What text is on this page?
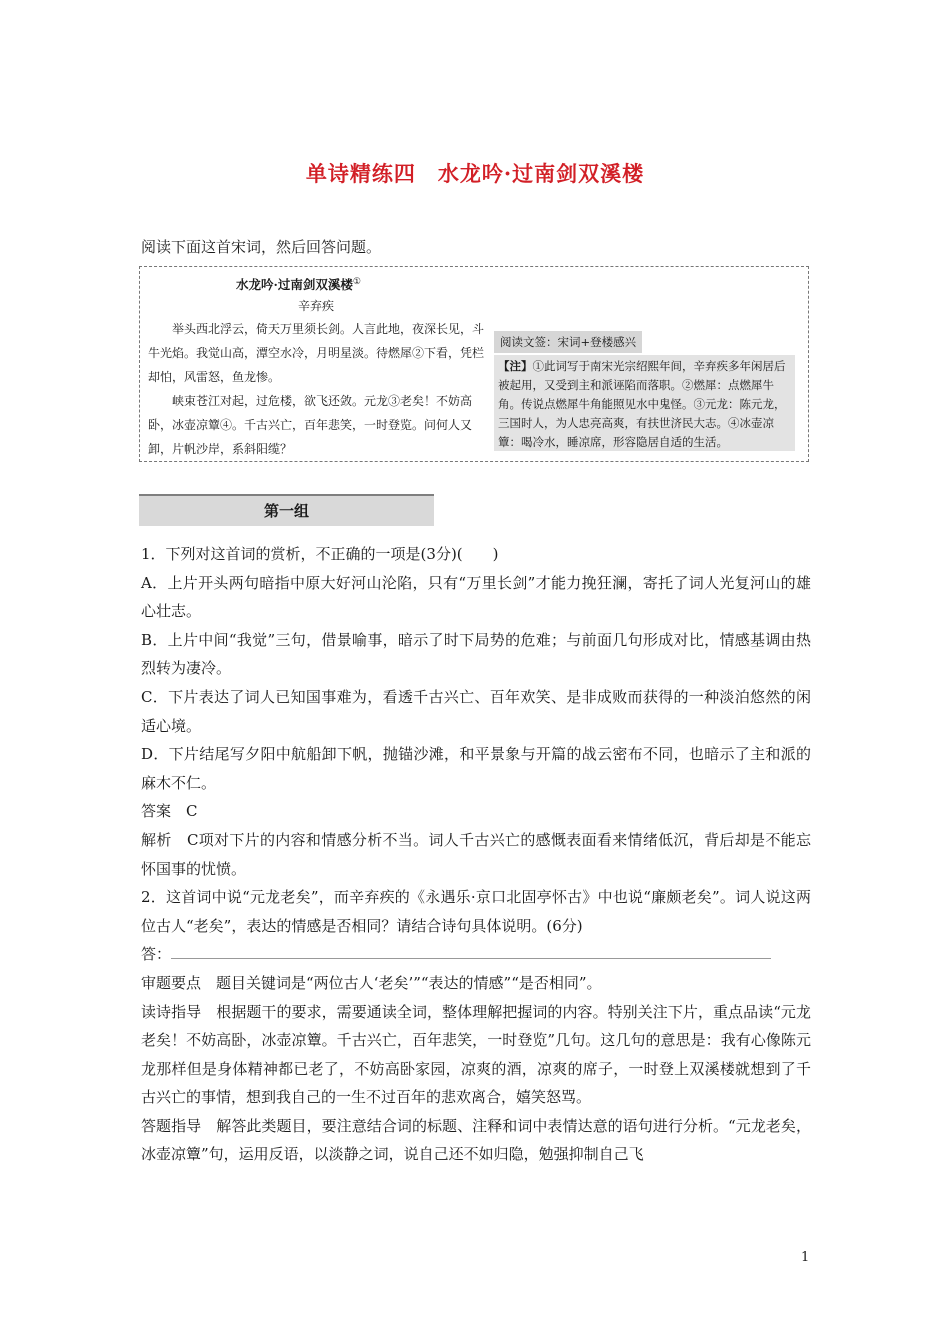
单诗精练四　水龙吟·过南剑双溪楼
阅读下面这首宋词，然后回答问题。
水龙吟·过南剑双溪楼①
辛弃疾

举头西北浮云，倚天万里须长剑。人言此地，夜深长见，斗牛光焰。我觉山高，潭空水冷，月明星淡。待燃犀②下看，凭栏却怕，风雷怒，鱼龙惨。

峡束苍江对起，过危楼，欲飞还敛。元龙③老矣！不妨高卧，冰壶凉簟④。千古兴亡，百年悲笑，一时登览。问何人又卸，片帆沙岸，系斜阳缆？

阅读文签：宋词+登楼感兴
【注】①此词写于南宋光宗绍熙年间，辛弃疾多年闲居后被起用，又受到主和派诬陷而落职。②燃犀：点燃犀牛角。传说点燃犀牛角能照见水中鬼怪。③元龙：陈元龙，三国时人，为人忠亮高爽，有扶世济民大志。④冰壶凉簟：喝冷水，睡凉席，形容隐居自适的生活。
第一组

1．下列对这首词的赏析，不正确的一项是(3分)(　　)

A．上片开头两句暗指中原大好河山沦陷，只有“万里长剑”才能力挽狂澜，寄托了词人光复河山的雄心壮志。

B．上片中间“我觉”三句，借景喻事，暗示了时下局势的危难；与前面几句形成对比，情感基调由热烈转为凄冷。

C．下片表达了词人已知国事难为，看透千古兴亡、百年欢笑、是非成败而获得的一种淡泊悠然的闲适心境。

D．下片结尾写夕阳中航船卸下帆，抛锚沙滩，和平景象与开篇的战云密布不同，也暗示了主和派的麻木不仁。

答案　C

解析　C项对下片的内容和情感分析不当。词人千古兴亡的感慨表面看来情绪低沉，背后却是不能忘怀国事的忧愤。

2．这首词中说“元龙老矣”，而辛弃疾的《永遇乐·京口北固亭怀古》中也说“廉颇老矣”。词人说这两位古人“老矣”，表达的情感是否相同？请结合诗句具体说明。(6分)

答：

审题要点　题目关键词是“两位古人‘老矣’”“表达的情感”“是否相同”。

读诗指导　根据题干的要求，需要通读全词，整体理解把握词的内容。特别关注下片，重点品读“元龙老矣！不妨高卧，冰壶凉簟。千古兴亡，百年悲笑，一时登览”几句。这几句的意思是：我有心像陈元龙那样但是身体精神都已老了，不妨高卧家园，凉爽的酒，凉爽的席子，一时登上双溪楼就想到了千古兴亡的事情，想到我自己的一生不过百年的悲欢离合，嬉笑怒骂。

答题指导　解答此类题目，要注意结合词的标题、注释和词中表情达意的语句进行分析。“元龙老矣，冰壶凉簟”句，运用反语，以淡静之词，说自己还不如归隐，勉强抑制自己飞

1
